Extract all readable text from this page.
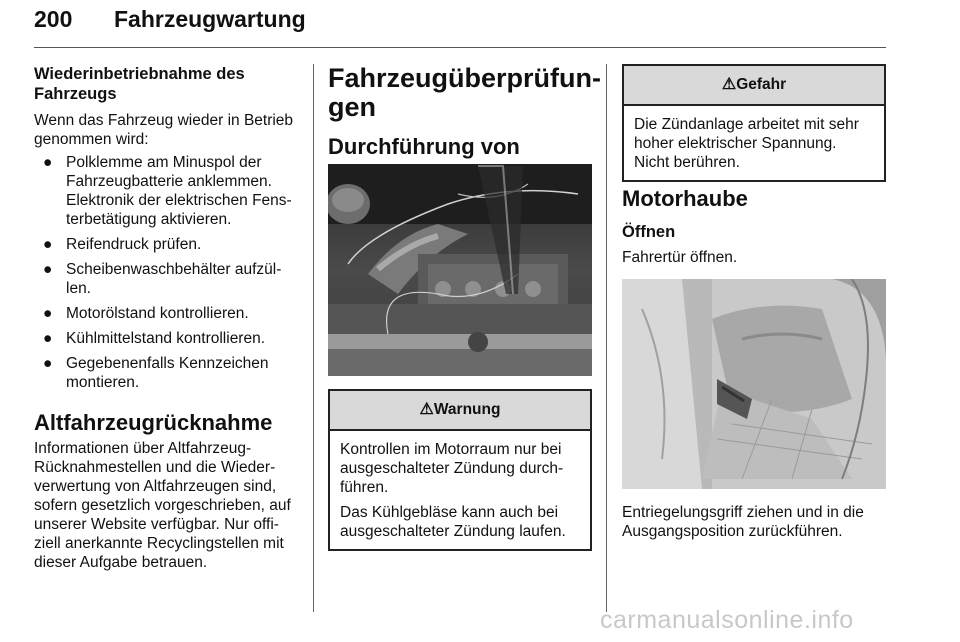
200 Fahrzeugwartung
Wiederinbetriebnahme des Fahrzeugs

Wenn das Fahrzeug wieder in Betrieb genommen wird:

● Polklemme am Minuspol der Fahrzeugbatterie anklemmen. Elektronik der elektrischen Fens-terbetätigung aktivieren.
● Reifendruck prüfen.
● Scheibenwaschbehälter aufzül-len.
● Motorölstand kontrollieren.
● Kühlmittelstand kontrollieren.
● Gegebenenfalls Kennzeichen montieren.
Altfahrzeugrücknahme

Informationen über Altfahrzeug-Rücknahmestellen und die Wieder-verwertung von Altfahrzeugen sind, sofern gesetzlich vorgeschrieben, auf unserer Website verfügbar. Nur offi-ziell anerkannte Recyclingstellen mit dieser Aufgabe betrauen.

Fahrzeugüberprüfun-
gen
Durchführung von
⚠Warnung

Kontrollen im Motorraum nur bei ausgeschalteter Zündung durch-führen.

Das Kühlgebläse kann auch bei ausgeschalteter Zündung laufen.

⚠Gefahr

Die Zündanlage arbeitet mit sehr hoher elektrischer Spannung. Nicht berühren.

Motorhaube
Öffnen

Fahrertür öffnen.

Entriegelungsgriff ziehen und in die Ausgangsposition zurückführen.

carmanualsonline.info
